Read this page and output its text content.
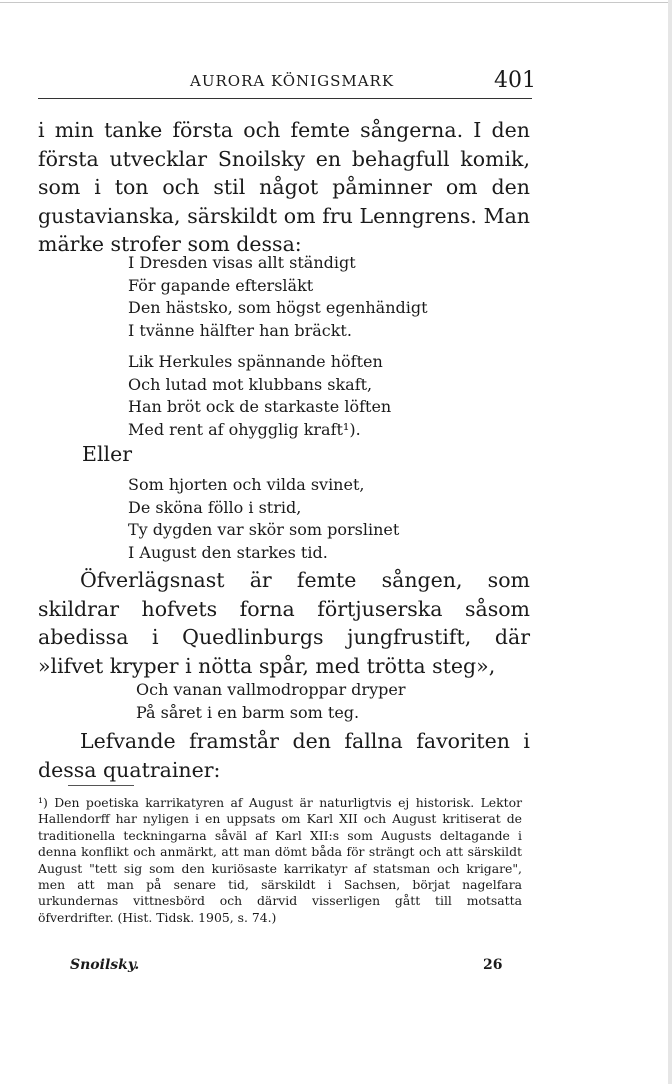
AURORA KÖNIGSMARK	401

i min tanke första och femte sångerna. I den första utvecklar Snoilsky en behagfull komik, som i ton och stil något påminner om den gustavianska, särskildt om fru Lenngrens. Man märke strofer som dessa:

I Dresden visas allt ständigt
För gapande eftersläkt
Den hästsko, som högst egenhändigt
I tvänne hälfter han bräckt.
Lik Herkules spännande höften
Och lutad mot klubbans skaft,
Han bröt ock de starkaste löften
Med rent af ohygglig kraft¹).
Eller
Som hjorten och vilda svinet,
De sköna föllo i strid,
Ty dygden var skör som porslinet
I August den starkes tid.

Öfverlägsnast är femte sången, som skildrar hofvets forna förtjuserska såsom abedissa i Quedlinburgs jungfrustift, där »lifvet kryper i nötta spår, med trötta steg»,

Och vanan vallmodroppar dryper
På såret i en barm som teg.

Lefvande framstår den fallna favoriten i dessa quatrainer:

¹) Den poetiska karrikatyren af August är naturligtvis ej historisk. Lektor Hallendorff har nyligen i en uppsats om Karl XII och August kritiserat de traditionella teckningarna såväl af Karl XII:s som Augusts deltagande i denna konflikt och anmärkt, att man dömt båda för strängt och att särskildt August "tett sig som den kuriösaste karrikatyr af statsman och krigare", men att man på senare tid, särskildt i Sachsen, börjat nagelfara urkundernas vittnesbörd och därvid visserligen gått till motsatta öfverdrifter. (Hist. Tidsk. 1905, s. 74.)

Snoilsky.	26
